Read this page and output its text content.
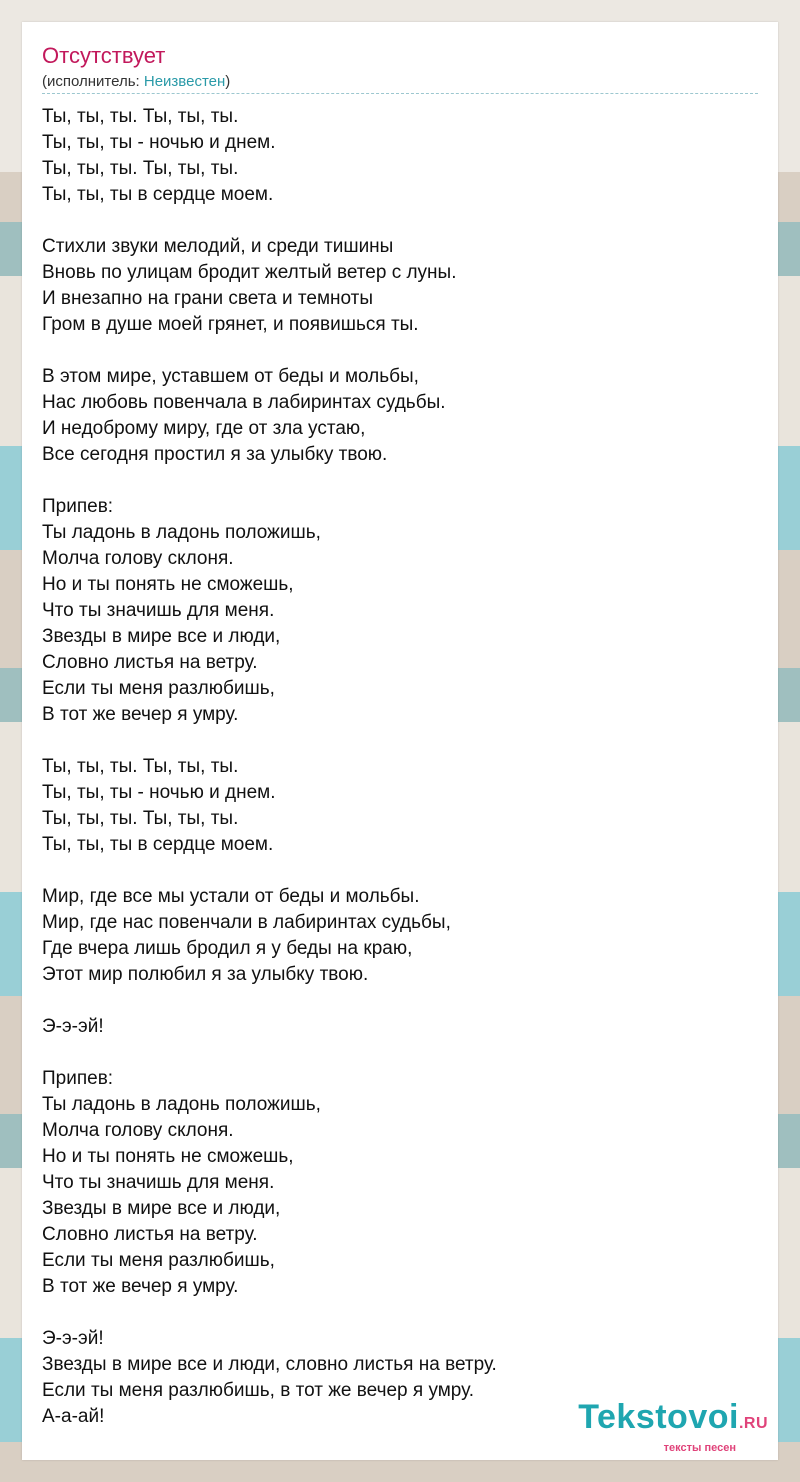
Отсутствует
(исполнитель: Неизвестен)
Ты, ты, ты. Ты, ты, ты.
Ты, ты, ты - ночью и днем.
Ты, ты, ты. Ты, ты, ты.
Ты, ты, ты в сердце моем.
Стихли звуки мелодий, и среди тишины
Вновь по улицам бродит желтый ветер с луны.
И внезапно на грани света и темноты
Гром в душе моей грянет, и появишься ты.
В этом мире, уставшем от беды и мольбы,
Нас любовь повенчала в лабиринтах судьбы.
И недоброму миру, где от зла устаю,
Все сегодня простил я за улыбку твою.
Припев:
Ты ладонь в ладонь положишь,
Молча голову склоня.
Но и ты понять не сможешь,
Что ты значишь для меня.
Звезды в мире все и люди,
Словно листья на ветру.
Если ты меня разлюбишь,
В тот же вечер я умру.
Ты, ты, ты. Ты, ты, ты.
Ты, ты, ты - ночью и днем.
Ты, ты, ты. Ты, ты, ты.
Ты, ты, ты в сердце моем.
Мир, где все мы устали от беды и мольбы.
Мир, где нас повенчали в лабиринтах судьбы,
Где вчера лишь бродил я у беды на краю,
Этот мир полюбил я за улыбку твою.
Э-э-эй!
Припев:
Ты ладонь в ладонь положишь,
Молча голову склоня.
Но и ты понять не сможешь,
Что ты значишь для меня.
Звезды в мире все и люди,
Словно листья на ветру.
Если ты меня разлюбишь,
В тот же вечер я умру.
Э-э-эй!
Звезды в мире все и люди, словно листья на ветру.
Если ты меня разлюбишь, в тот же вечер я умру.
А-а-ай!	Tekstovoi.RU
тексты песен
